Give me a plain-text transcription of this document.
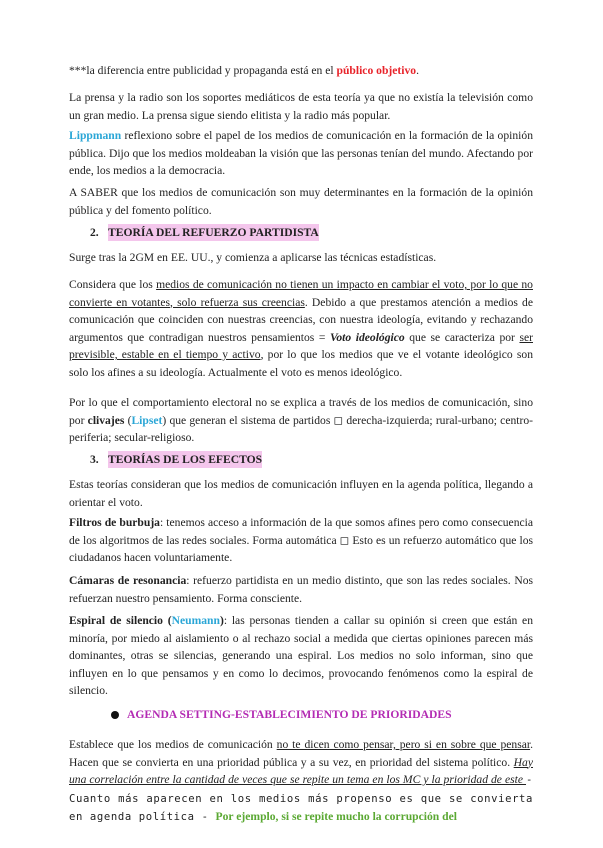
***la diferencia entre publicidad y propaganda está en el público objetivo.

La prensa y la radio son los soportes mediáticos de esta teoría ya que no existía la televisión como un gran medio. La prensa sigue siendo elitista y la radio más popular.

Lippmann reflexiono sobre el papel de los medios de comunicación en la formación de la opinión pública. Dijo que los medios moldeaban la visión que las personas tenían del mundo. Afectando por ende, los medios a la democracia.

A SABER que los medios de comunicación son muy determinantes en la formación de la opinión pública y del fomento político.

2. TEORÍA DEL REFUERZO PARTIDISTA

Surge tras la 2GM en EE. UU., y comienza a aplicarse las técnicas estadísticas.

Considera que los medios de comunicación no tienen un impacto en cambiar el voto, por lo que no convierte en votantes, solo refuerza sus creencias. Debido a que prestamos atención a medios de comunicación que coinciden con nuestras creencias, con nuestra ideología, evitando y rechazando argumentos que contradigan nuestros pensamientos = Voto ideológico que se caracteriza por ser previsible, estable en el tiempo y activo, por lo que los medios que ve el votante ideológico son solo los afines a su ideología. Actualmente el voto es menos ideológico.

Por lo que el comportamiento electoral no se explica a través de los medios de comunicación, sino por clivajes (Lipset) que generan el sistema de partidos ◻ derecha-izquierda; rural-urbano; centro-periferia; secular-religioso.

3. TEORÍAS DE LOS EFECTOS

Estas teorías consideran que los medios de comunicación influyen en la agenda política, llegando a orientar el voto.

Filtros de burbuja: tenemos acceso a información de la que somos afines pero como consecuencia de los algoritmos de las redes sociales. Forma automática ◻ Esto es un refuerzo automático que los ciudadanos hacen voluntariamente.

Cámaras de resonancia: refuerzo partidista en un medio distinto, que son las redes sociales. Nos refuerzan nuestro pensamiento. Forma consciente.

Espiral de silencio (Neumann): las personas tienden a callar su opinión si creen que están en minoría, por miedo al aislamiento o al rechazo social a medida que ciertas opiniones parecen más dominantes, otras se silencias, generando una espiral. Los medios no solo informan, sino que influyen en lo que pensamos y en como lo decimos, provocando fenómenos como la espiral de silencio.

AGENDA SETTING-ESTABLECIMIENTO DE PRIORIDADES

Establece que los medios de comunicación no te dicen como pensar, pero si en sobre que pensar. Hacen que se convierta en una prioridad pública y a su vez, en prioridad del sistema político. Hay una correlación entre la cantidad de veces que se repite un tema en los MC y la prioridad de este - Cuanto más aparecen en los medios más propenso es que se convierta en agenda política - Por ejemplo, si se repite mucho la corrupción del
